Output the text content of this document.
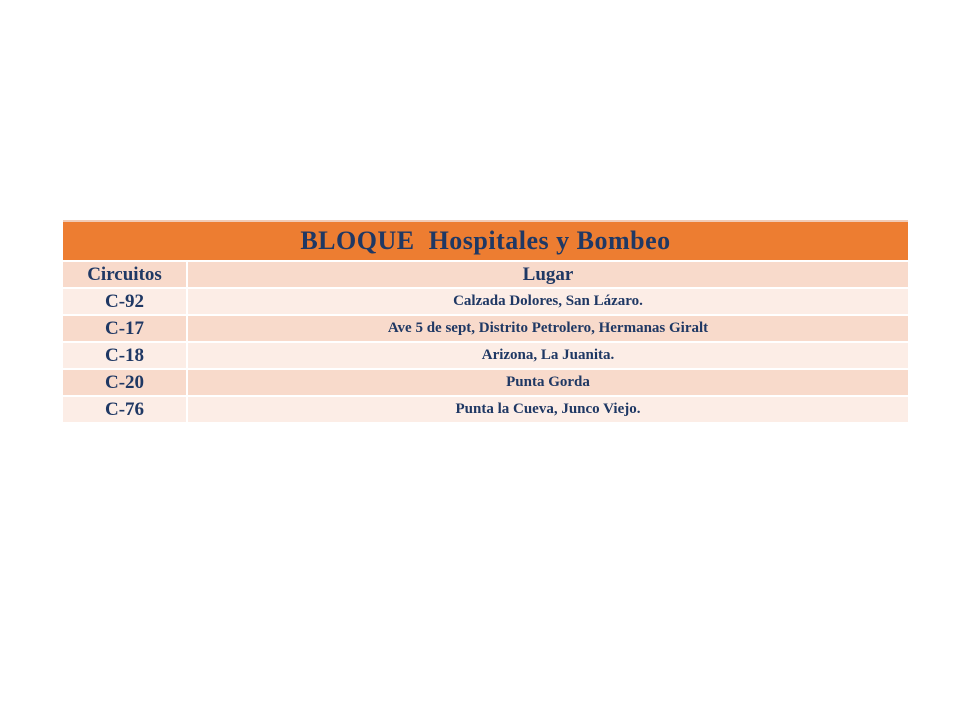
BLOQUE  Hospitales y Bombeo
Circuitos	Lugar
C-92	Calzada Dolores, San Lázaro.
C-17	Ave 5 de sept, Distrito Petrolero, Hermanas Giralt
C-18	Arizona, La Juanita.
C-20	Punta Gorda
C-76	Punta la Cueva, Junco Viejo.
